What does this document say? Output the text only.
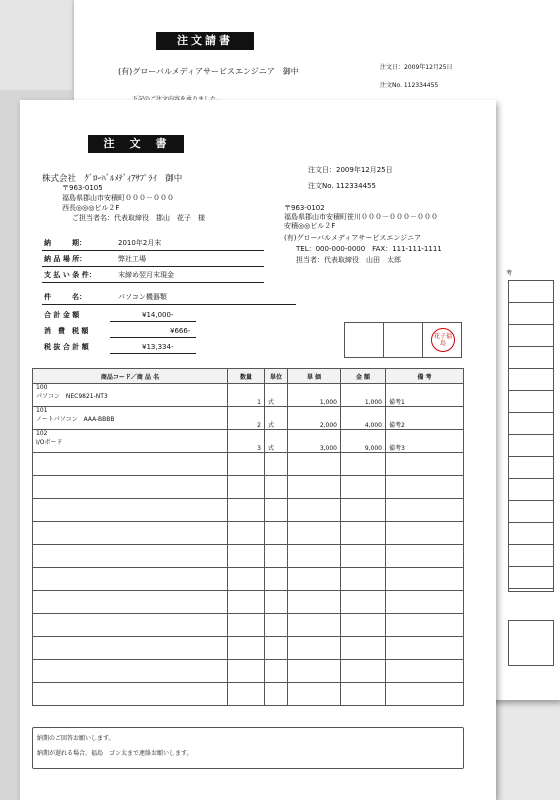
注文請書
(有)グローバルメディアサービスエンジニア　御中	注文日：2009年12月25日
注文No. 112334455
考
注　文　書
株式会社　ｸﾞﾛｰﾊﾞﾙﾒﾃﾞｨｱｻﾌﾟﾗｲ　御中
〒963-0105
福島県郡山市安積町０００－０００
西長◎◎◎ビル２F
ご担当者名：代表取締役　郡山　花子　様
注文日：2009年12月25日
注文No. 112334455
〒963-0102
福島県郡山市安積町笹川０００－０００－０００
安積◎◎ビル２F
(有)グローバルメディアサービスエンジニア
TEL：000-000-0000　FAX：111-111-1111
担当者：代表取締役　山田　太郎
納　　　期：	2010年2月末
納 品 場 所：	弊社工場
支 払 い 条 件：	末締め翌月末現金
件　　　名：	パソコン機器類
合 計 金 額	¥14,000-
消　費　税 額	¥666-
税 抜 合 計 額	¥13,334-
花子福島
商品コード／商 品 名	数量	単位	単 価	金 額	備 考

100
パソコン　NEC9821-NT3	1	式	1,000	1,000	備考1

101
ノートパソコン　AAA-BBBB	2	式	2,000	4,000	備考2

102
I/Oボード	3	式	3,000	9,000	備考3

納期のご回答お願いします。
納期が遅れる場合、福島　ゴン太まで連絡お願いします。
